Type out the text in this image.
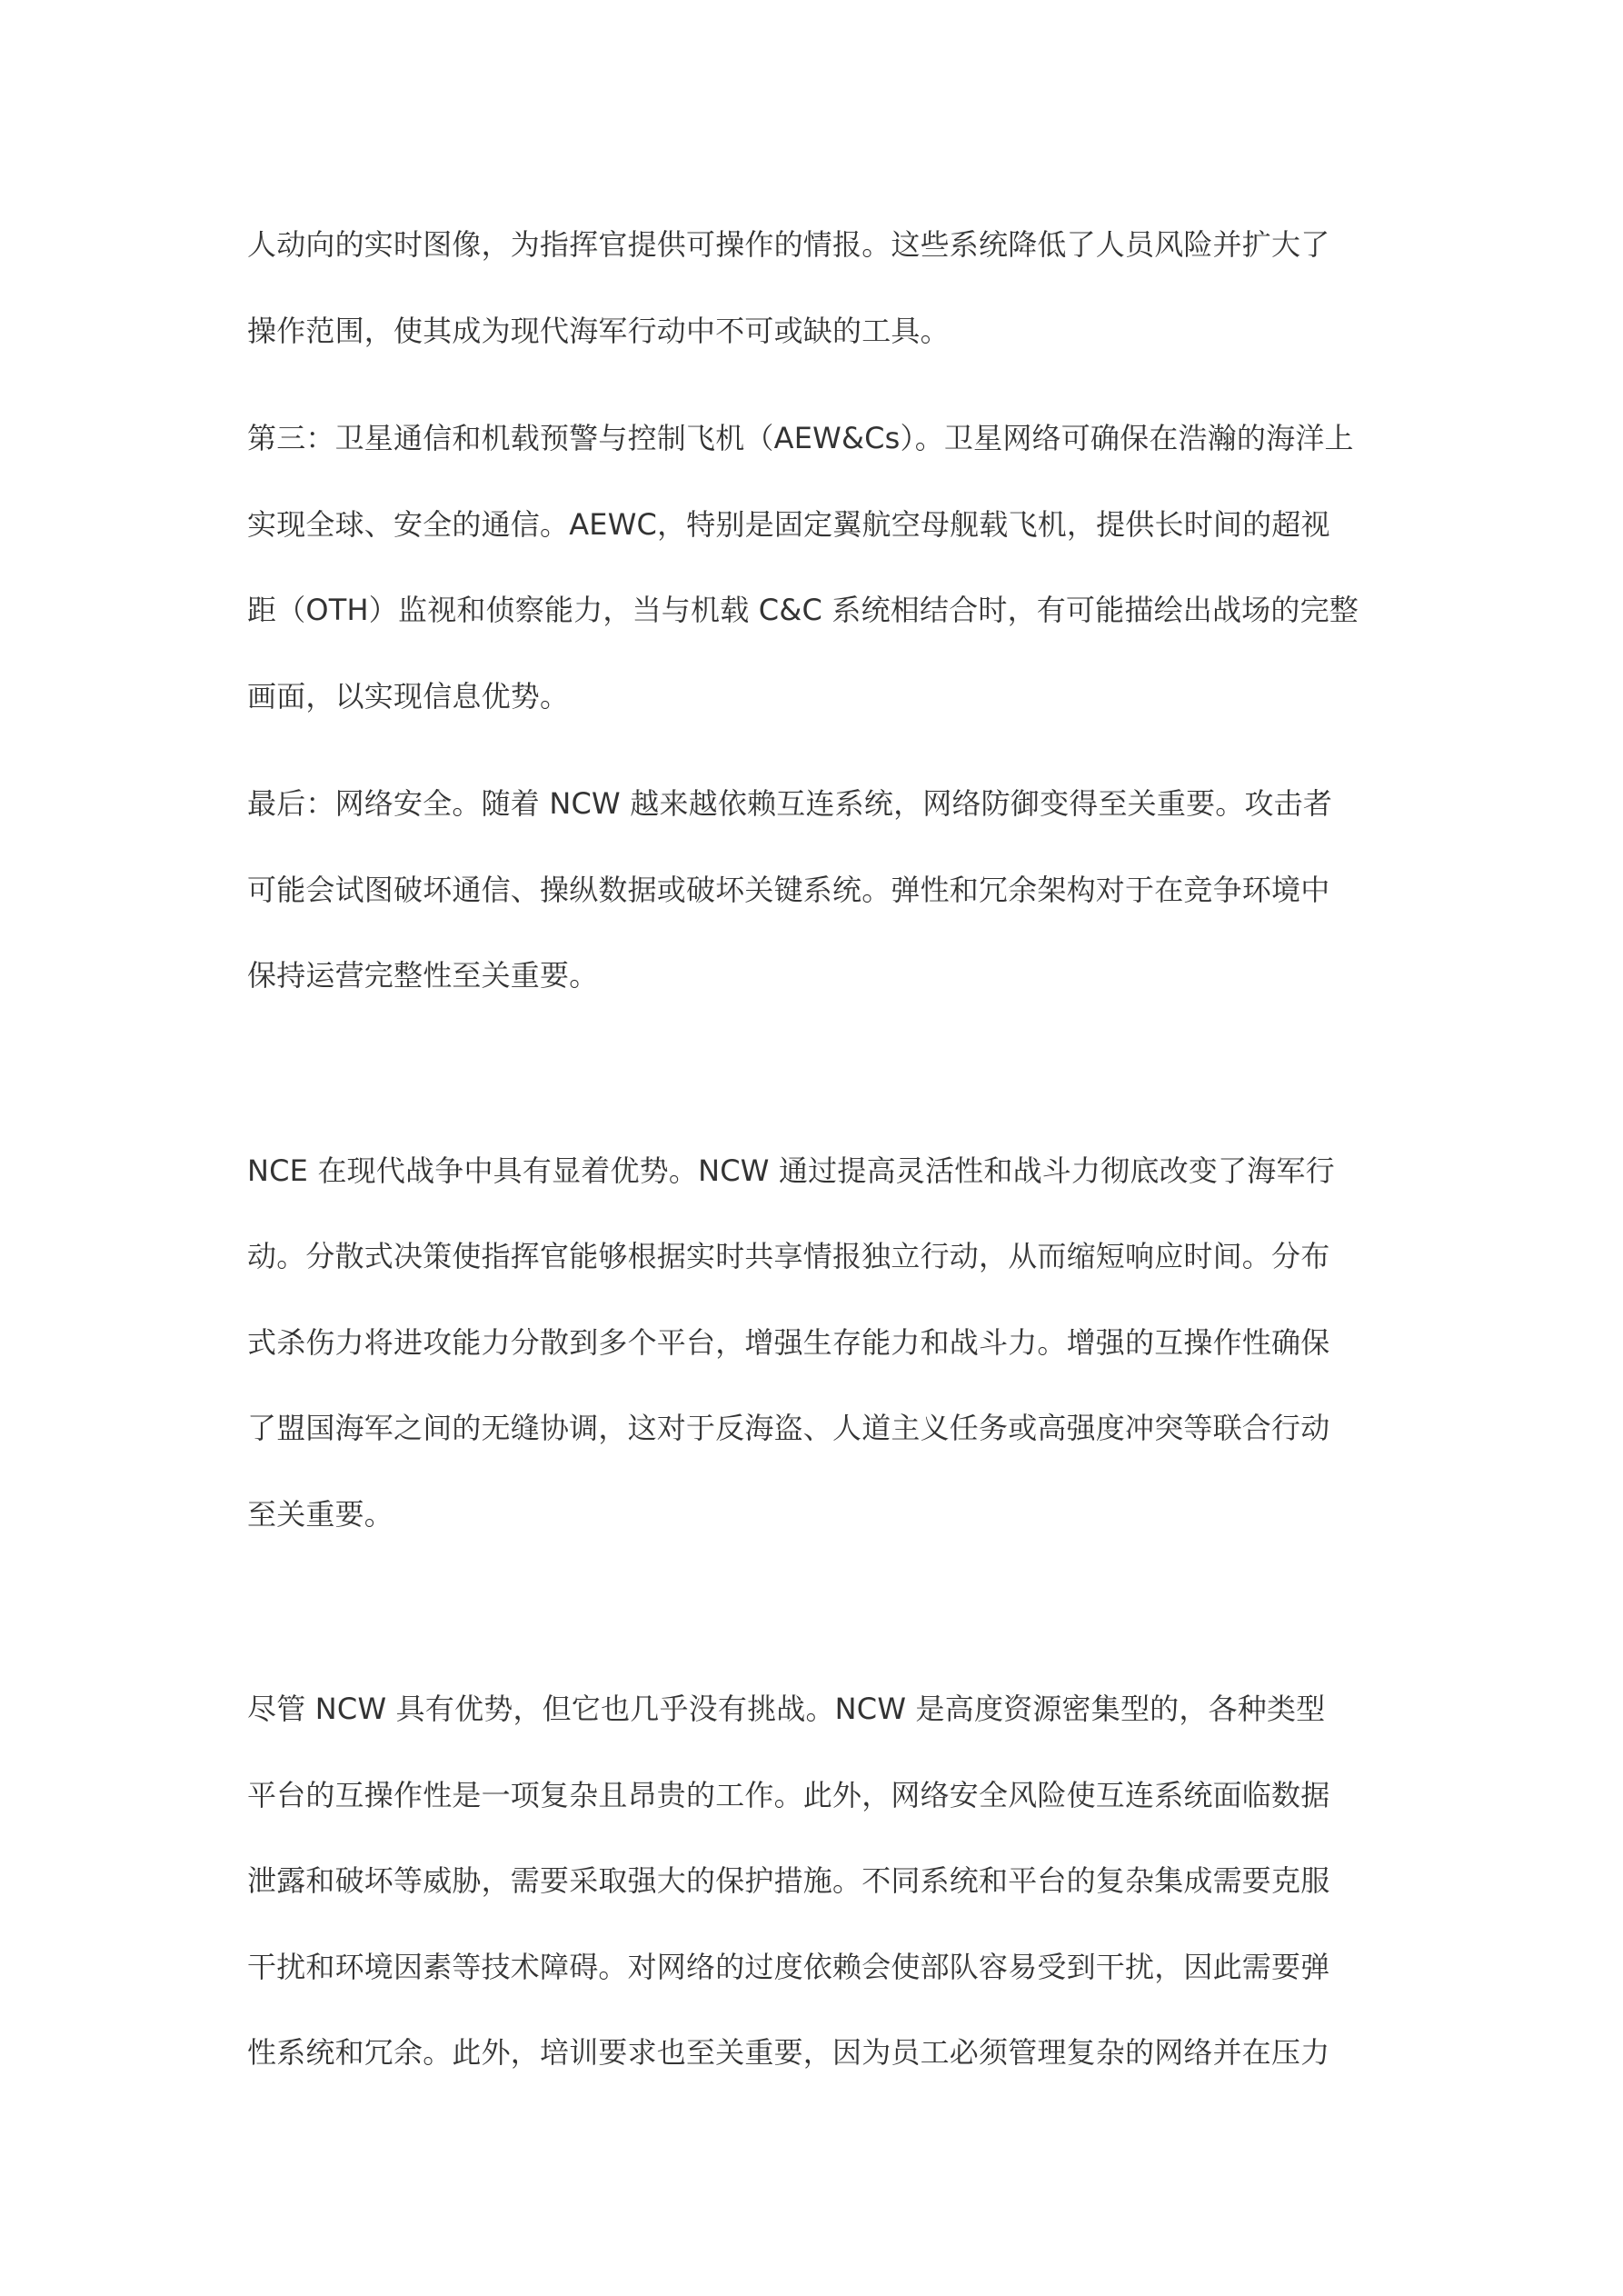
人动向的实时图像，为指挥官提供可操作的情报。这些系统降低了人员风险并扩大了
操作范围，使其成为现代海军行动中不可或缺的工具。

第三：卫星通信和机载预警与控制飞机（AEW&Cs）。卫星网络可确保在浩瀚的海洋上
实现全球、安全的通信。AEWC，特别是固定翼航空母舰载飞机，提供长时间的超视
距（OTH）监视和侦察能力，当与机载 C&C 系统相结合时，有可能描绘出战场的完整
画面，以实现信息优势。

最后：网络安全。随着 NCW 越来越依赖互连系统，网络防御变得至关重要。攻击者
可能会试图破坏通信、操纵数据或破坏关键系统。弹性和冗余架构对于在竞争环境中
保持运营完整性至关重要。

NCE 在现代战争中具有显着优势。NCW 通过提高灵活性和战斗力彻底改变了海军行
动。分散式决策使指挥官能够根据实时共享情报独立行动，从而缩短响应时间。分布
式杀伤力将进攻能力分散到多个平台，增强生存能力和战斗力。增强的互操作性确保
了盟国海军之间的无缝协调，这对于反海盗、人道主义任务或高强度冲突等联合行动
至关重要。

尽管 NCW 具有优势，但它也几乎没有挑战。NCW 是高度资源密集型的，各种类型
平台的互操作性是一项复杂且昂贵的工作。此外，网络安全风险使互连系统面临数据
泄露和破坏等威胁，需要采取强大的保护措施。不同系统和平台的复杂集成需要克服
干扰和环境因素等技术障碍。对网络的过度依赖会使部队容易受到干扰，因此需要弹
性系统和冗余。此外，培训要求也至关重要，因为员工必须管理复杂的网络并在压力
